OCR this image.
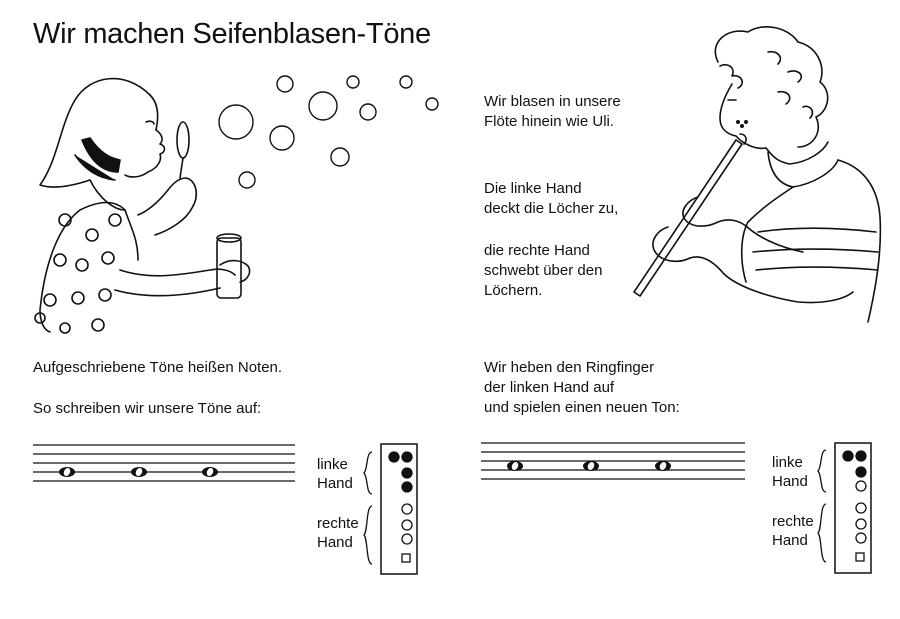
Wir machen Seifenblasen-Töne
Wir blasen in unsere
Flöte hinein wie Uli.
Die linke Hand
deckt die Löcher zu,
die rechte Hand
schwebt über den
Löchern.
Aufgeschriebene Töne heißen Noten.
So schreiben wir unsere Töne auf:
Wir heben den Ringfinger
der linken Hand auf
und spielen einen neuen Ton:
linke
Hand
rechte
Hand
linke
Hand
rechte
Hand
